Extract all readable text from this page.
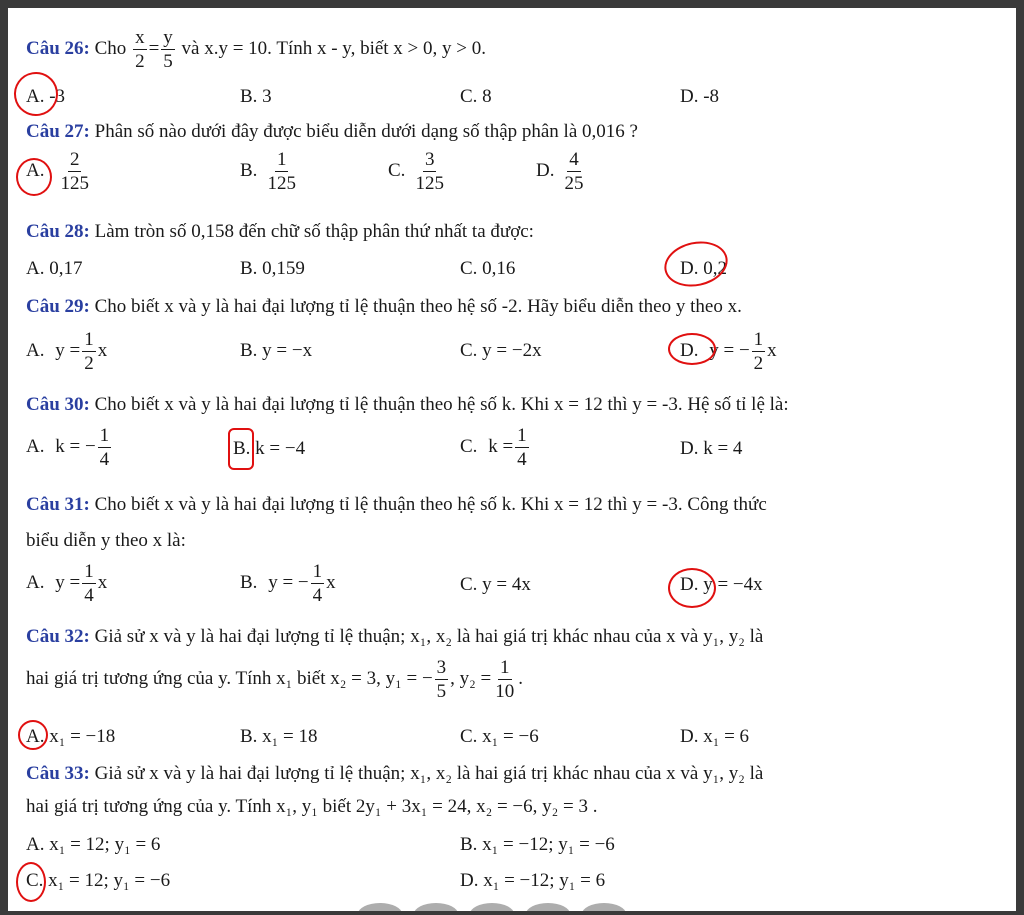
Câu 26: Cho $\frac{x}{2} = \frac{y}{5}$ và x.y = 10. Tính x - y, biết x > 0, y > 0.
A. -3	B. 3	C. 8	D. -8
Câu 27: Phân số nào dưới đây được biểu diễn dưới dạng số thập phân là 0,016 ?
A. $\frac{2}{125}$	B. $\frac{1}{125}$	C. $\frac{3}{125}$	D. $\frac{4}{25}$
Câu 28: Làm tròn số 0,158 đến chữ số thập phân thứ nhất ta được:
A. 0,17	B. 0,159	C. 0,16	D. 0,2
Câu 29: Cho biết x và y là hai đại lượng tỉ lệ thuận theo hệ số -2. Hãy biểu diễn theo y theo x.
A. $y = \frac{1}{2}$ x	B. y = −x	C. y = −2x	D. y = − $\frac{1}{2}$ x
Câu 30: Cho biết x và y là hai đại lượng tỉ lệ thuận theo hệ số k. Khi x = 12 thì y = -3. Hệ số tỉ lệ là:
A. k = − $\frac{1}{4}$	B. k = −4	C. $k = \frac{1}{4}$	D. k = 4
Câu 31: Cho biết x và y là hai đại lượng tỉ lệ thuận theo hệ số k. Khi x = 12 thì y = -3. Công thức
biểu diễn y theo x là:
A. $y = \frac{1}{4}$ x	B. y = − $\frac{1}{4}$ x	C. y = 4x	D. y = −4x
Câu 32: Giả sử x và y là hai đại lượng tỉ lệ thuận; x₁, x₂ là hai giá trị khác nhau của x và y₁, y₂ là
hai giá trị tương ứng của y. Tính x₁ biết x₂ = 3, y₁ = − $\frac{3}{5}$ , $y_2 = \frac{1}{10}$ .
A. x₁ = −18	B. x₁ = 18	C. x₁ = −6	D. x₁ = 6
Câu 33: Giả sử x và y là hai đại lượng tỉ lệ thuận; x₁, x₂ là hai giá trị khác nhau của x và y₁, y₂ là
hai giá trị tương ứng của y. Tính x₁, y₁ biết 2y₁ + 3x₁ = 24, x₂ = −6, y₂ = 3 .
A. x₁ = 12; y₁ = 6	B. x₁ = −12; y₁ = −6
C. x₁ = 12; y₁ = −6	D. x₁ = −12; y₁ = 6
